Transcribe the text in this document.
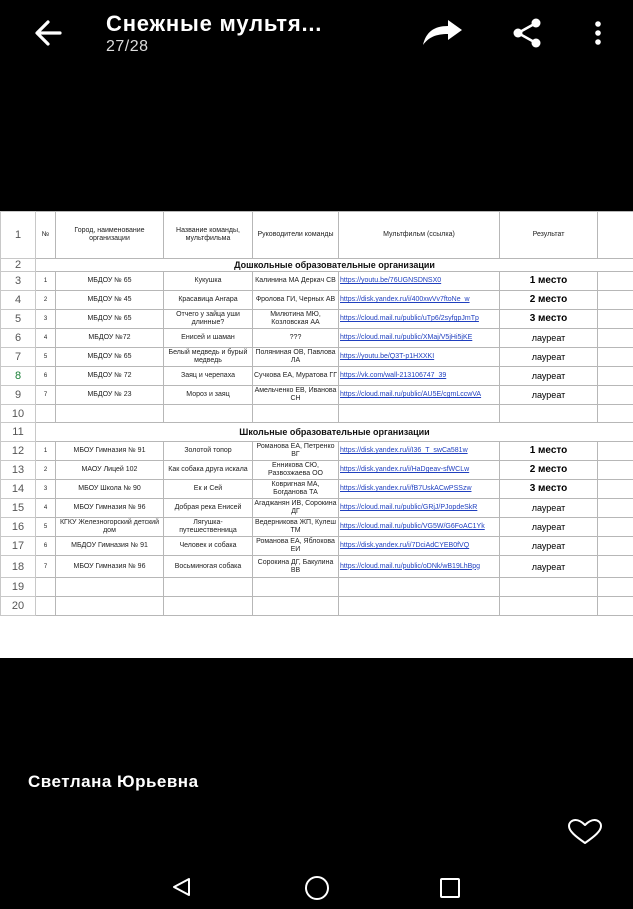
Снежные мультя...
27/28
1	№	Город, наименование организации	Название команды, мультфильма	Руководители команды	Мультфильм (ссылка)	Результат	
2	Дошкольные образовательные организации						
3	1	МБДОУ № 65	Кукушка	Калинина МА Деркач СВ	https://youtu.be/76UGNSDNSX0	1 место	
4	2	МБДОУ № 45	Красавица Ангара	Фролова ГИ, Черных АВ	https://disk.yandex.ru/i/400xwVv7ftoNe_w	2 место	
5	3	МБДОУ № 65	Отчего у зайца уши длинные?	Милютина МЮ, Козловская АА	https://cloud.mail.ru/public/uTp6/2syfgpJmTp	3 место	
6	4	МБДОУ №72	Енисей и шаман	???	https://cloud.mail.ru/public/XMaj/V5jHi5jKE	лауреат	
7	5	МБДОУ № 65	Белый медведь и бурый медведь	Поляниная ОВ, Павлова ЛА	https://youtu.be/Q3T-p1HXXKI	лауреат	
8	6	МБДОУ № 72	Заяц и черепаха	Сучкова ЕА, Муратова ГГ	https://vk.com/wall-213106747_39	лауреат	
9	7	МБДОУ № 23	Мороз и заяц	Амельченко ЕВ, Иванова СН	https://cloud.mail.ru/public/AU5E/cgmLccwVA	лауреат	
10							
11	Школьные образовательные организации						
12	1	МБОУ Гимназия № 91	Золотой топор	Романова ЕА, Петренко ВГ	https://disk.yandex.ru/i/I36_T_swCa581w	1 место	
13	2	МАОУ Лицей 102	Как собака друга искала	Енникова СЮ, Развозжаева ОО	https://disk.yandex.ru/i/HaDgeav-sfWCLw	2 место	
14	3	МБОУ Школа № 90	Ек и Сей	Ковригная МА, Богданова ТА	https://disk.yandex.ru/i/fB7UskACwPSSzw	3 место	
15	4	МБОУ Гимназия № 96	Добрая река Енисей	Агаджанян ИВ, Сорокина ДГ	https://cloud.mail.ru/public/GRjJ/PJopdeSkR	лауреат	
16	5	КГКУ Железногорский детский дом	Лягушка-путешественница	Ведерникова ЖП, Кулеш ТМ	https://cloud.mail.ru/public/VG5W/G6FoAC1Yk	лауреат	
17	6	МБДОУ Гимназия № 91	Человек и собака	Романова ЕА, Яблокова ЕИ	https://disk.yandex.ru/i/7DciAdCYEB0fVQ	лауреат	
18	7	МБОУ Гимназия № 96	Восьминогая собака	Сорокина ДГ, Бакулина ВВ	https://cloud.mail.ru/public/oDNk/wB19LhBpg	лауреат	
19							
20							
Светлана Юрьевна
